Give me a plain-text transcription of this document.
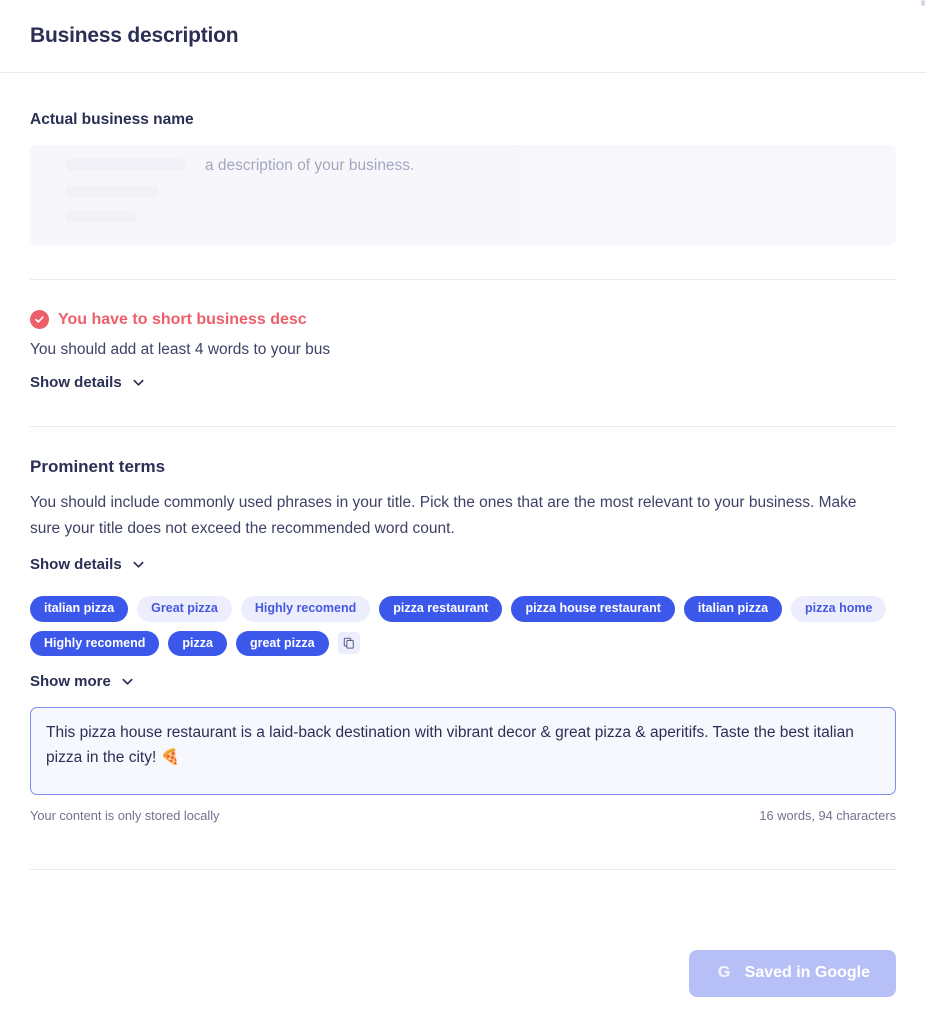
Business description
Actual business name
a description of your business.
You have to short business desc
You should add at least 4 words to your bus
Show details
Prominent terms
You should include commonly used phrases in your title. Pick the ones that are the most relevant to your business. Make sure your title does not exceed the recommended word count.
Show details
italian pizza	Great pizza	Highly recomend	pizza restaurant	pizza house restaurant	italian pizza	pizza home
Highly recomend	pizza	great pizza
Show more
This pizza house restaurant is a laid-back destination with vibrant decor & great pizza & aperitifs. Taste the best italian pizza in the city! 🍕
Your content is only stored locally	16 words, 94 characters
G Saved in Google
